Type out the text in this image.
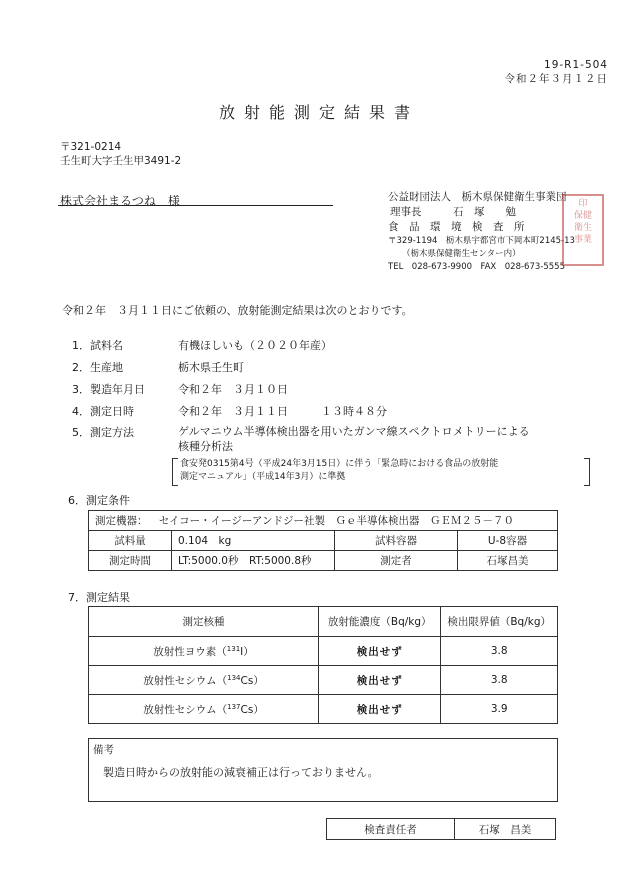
19-R1-504
令和２年３月１２日
放射能測定結果書
〒321-0214
壬生町大字壬生甲3491-2
株式会社まるつね　様	公益財団法人　栃木県保健衛生事業団
理事長　　　石　塚　　勉
食　品　環　境　検　査　所
〒329-1194　栃木県宇都宮市下岡本町2145-13
（栃木県保健衛生センター内）
TEL　028-673-9900　FAX　028-673-5555
印
保健
衛生
事業
令和２年　３月１１日にご依頼の、放射能測定結果は次のとおりです。
1．試料名	有機ほしいも（２０２０年産）
2．生産地	栃木県壬生町
3．製造年月日	令和２年　３月１０日
4．測定日時	令和２年　３月１１日　　　１３時４８分
5．測定方法	ゲルマニウム半導体検出器を用いたガンマ線スペクトロメトリーによる
核種分析法
食安発0315第4号（平成24年3月15日）に伴う「緊急時における食品の放射能
測定マニュアル」（平成14年3月）に準拠
6．測定条件
測定機器： セイコー・イージーアンドジー社製　Ｇｅ半導体検出器　ＧＥＭ２５－７０			
試料量	0.104　kg	試料容器	U-8容器
測定時間	LT:5000.0秒　RT:5000.8秒	測定者	石塚昌美
7．測定結果
測定核種	放射能濃度（Bq/kg）	検出限界値（Bq/kg）
放射性ヨウ素（$^{131}$I）	検出せず	3.8
放射性セシウム（$^{134}$Cs）	検出せず	3.8
放射性セシウム（$^{137}$Cs）	検出せず	3.9
備考
製造日時からの放射能の減衰補正は行っておりません。
検査責任者	石塚　昌美
